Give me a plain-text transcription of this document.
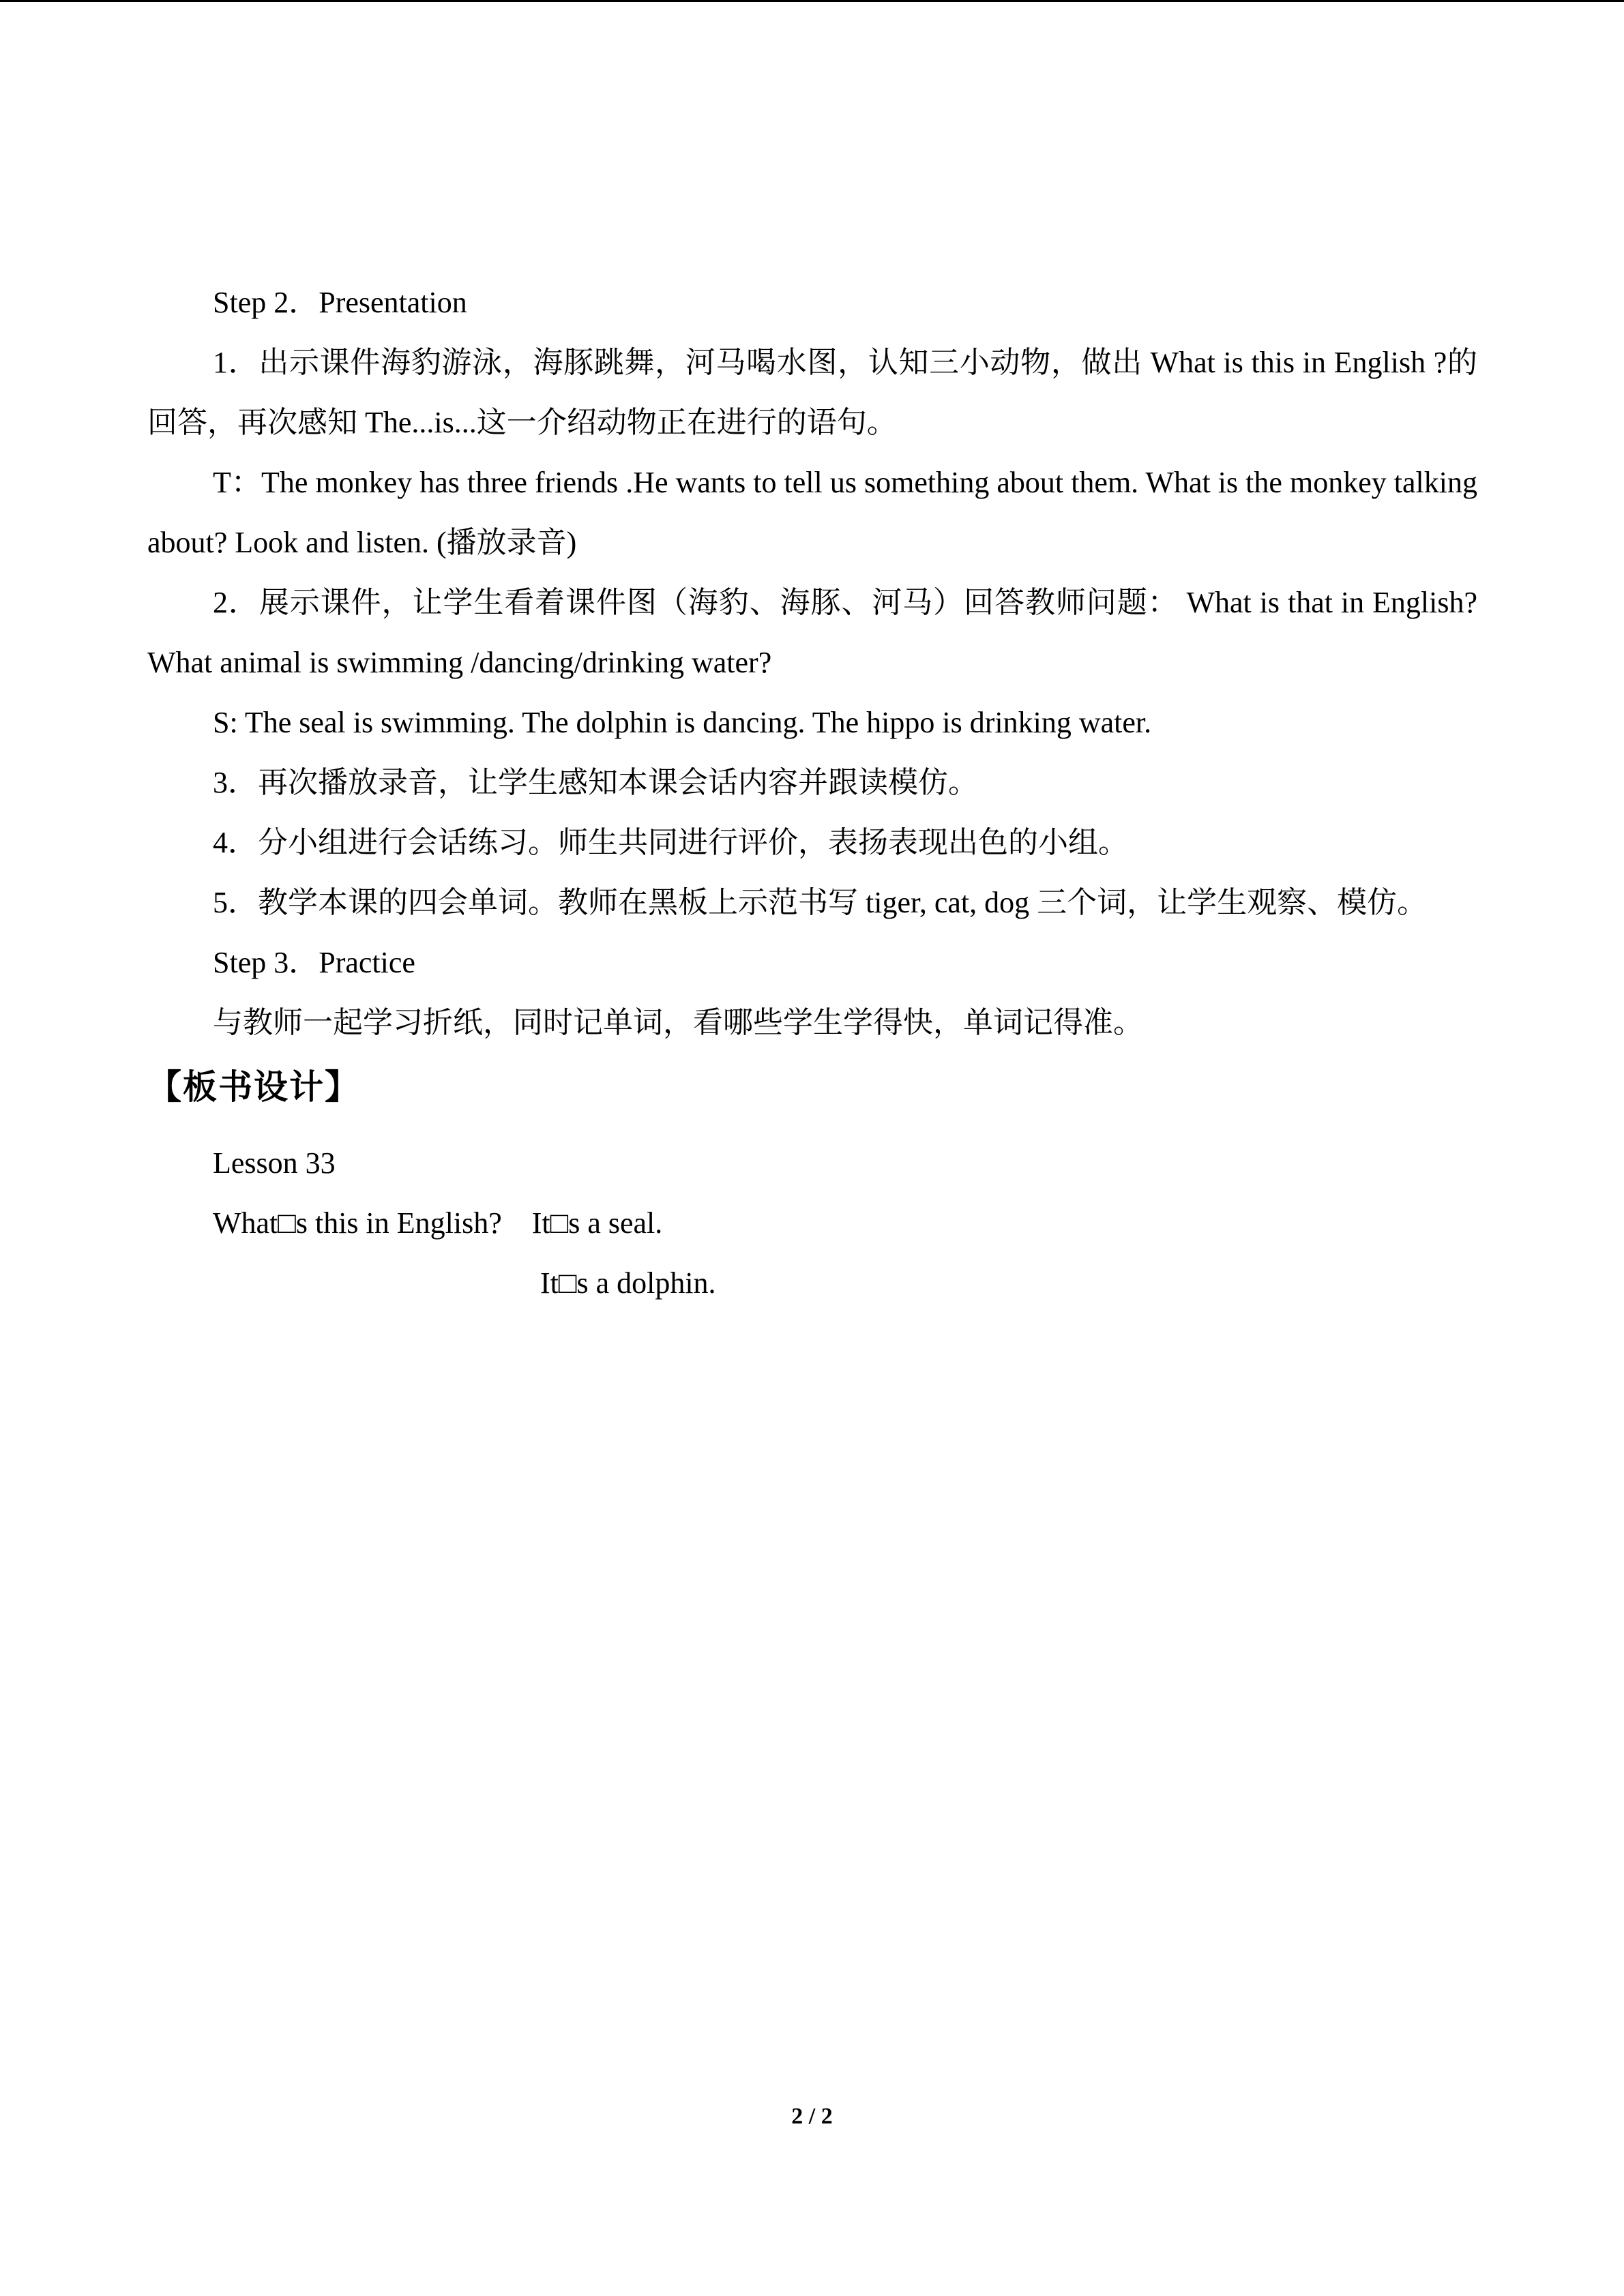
Step 2．Presentation

1．出示课件海豹游泳，海豚跳舞，河马喝水图，认知三小动物，做出 What is this in English ?的回答，再次感知 The...is...这一介绍动物正在进行的语句。

T：The monkey has three friends .He wants to tell us something about them. What is the monkey talking about? Look and listen. (播放录音)

2．展示课件，让学生看着课件图（海豹、海豚、河马）回答教师问题： What is that in English? What animal is swimming /dancing/drinking water?

S: The seal is swimming. The dolphin is dancing. The hippo is drinking water.

3．再次播放录音，让学生感知本课会话内容并跟读模仿。

4．分小组进行会话练习。师生共同进行评价，表扬表现出色的小组。

5．教学本课的四会单词。教师在黑板上示范书写 tiger, cat, dog 三个词，让学生观察、模仿。

Step 3．Practice

与教师一起学习折纸，同时记单词，看哪些学生学得快，单词记得准。

【板书设计】

Lesson 33

What□s this in English? It□s a seal.

It□s a dolphin.

2 / 2
